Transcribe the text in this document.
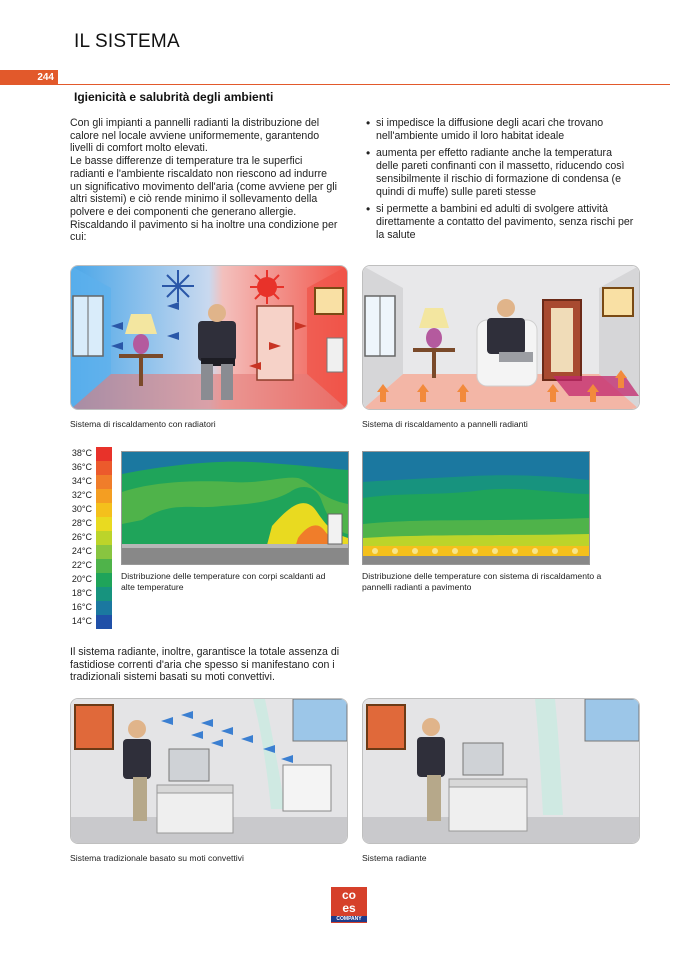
IL SISTEMA
244
Igienicità e salubrità degli ambienti

Con gli impianti a pannelli radianti la distribuzione del calore nel locale avviene uniformemente, garantendo livelli di comfort molto elevati.

Le basse differenze di temperature tra le superfici radianti e l'ambiente riscaldato non riescono ad indurre un significativo movimento dell'aria (come avviene per gli altri sistemi) e ciò rende minimo il sollevamento della polvere e dei componenti che generano allergie.

Riscaldando il pavimento si ha inoltre una condizione per cui:

• si impedisce la diffusione degli acari che trovano nell'ambiente umido il loro habitat ideale
• aumenta per effetto radiante anche la temperatura delle pareti confinanti con il massetto, riducendo così sensibilmente il rischio di formazione di condensa (e quindi di muffe) sulle pareti stesse
• si permette a bambini ed adulti di svolgere attività direttamente a contatto del pavimento, senza rischi per la salute
Sistema di riscaldamento con radiatori	Sistema di riscaldamento a pannelli radianti
38°C
36°C
34°C
32°C
30°C
28°C
26°C
24°C
22°C
20°C
18°C
16°C
14°C
Distribuzione delle temperature con corpi scaldanti ad alte temperature
Distribuzione delle temperature con sistema di riscaldamento a pannelli radianti a pavimento
Il sistema radiante, inoltre, garantisce la totale assenza di fastidiose correnti d'aria che spesso si manifestano con i tradizionali sistemi basati su moti convettivi.
Sistema tradizionale basato su moti convettivi	Sistema radiante
co
es
COMPANY
